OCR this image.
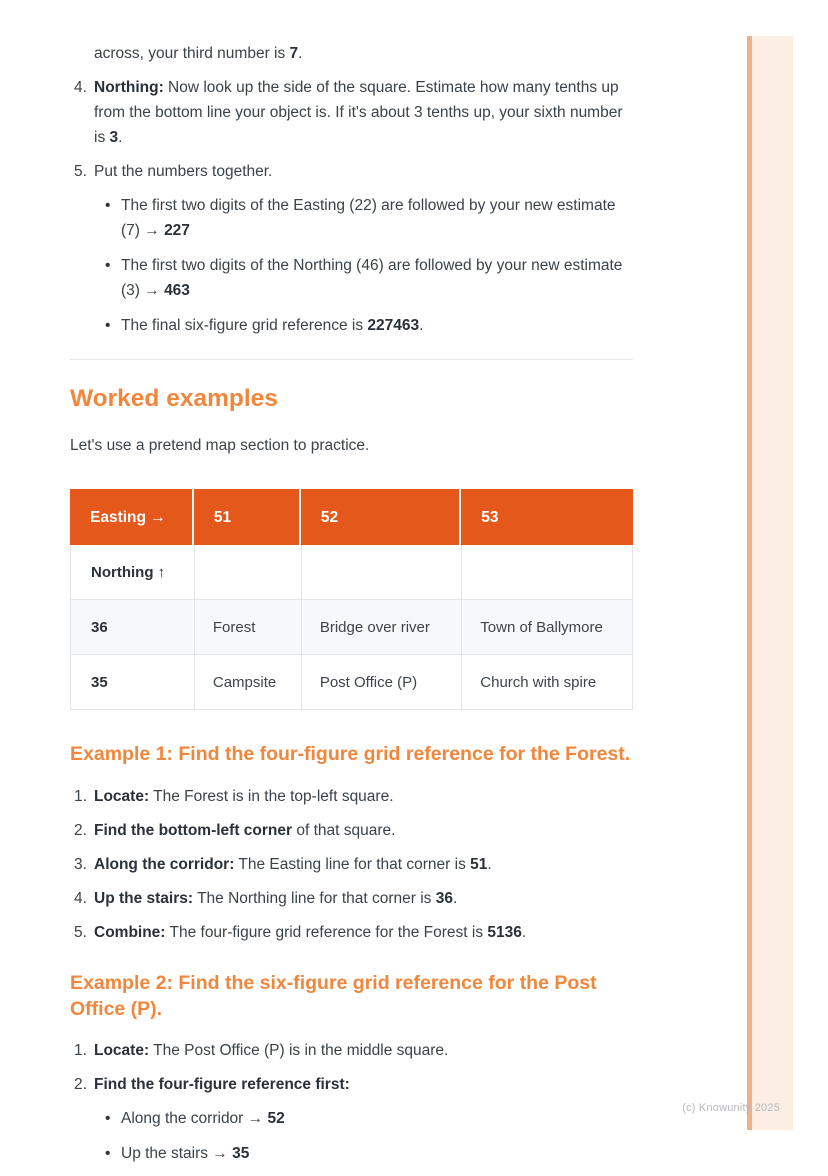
(c) Knowunity 2025
across, your third number is 7.
4. Northing: Now look up the side of the square. Estimate how many tenths up from the bottom line your object is. If it's about 3 tenths up, your sixth number is 3.
5. Put the numbers together.
• The first two digits of the Easting (22) are followed by your new estimate (7) → 227
• The first two digits of the Northing (46) are followed by your new estimate (3) → 463
• The final six-figure grid reference is 227463.
Worked examples

Let's use a pretend map section to practice.

Easting →	51	52	53
Northing ↑			
36	Forest	Bridge over river	Town of Ballymore
35	Campsite	Post Office (P)	Church with spire
Example 1: Find the four-figure grid reference for the Forest.
1. Locate: The Forest is in the top-left square.
2. Find the bottom-left corner of that square.
3. Along the corridor: The Easting line for that corner is 51.
4. Up the stairs: The Northing line for that corner is 36.
5. Combine: The four-figure grid reference for the Forest is 5136.
Example 2: Find the six-figure grid reference for the Post Office (P).
1. Locate: The Post Office (P) is in the middle square.
2. Find the four-figure reference first:
• Along the corridor → 52
• Up the stairs → 35
